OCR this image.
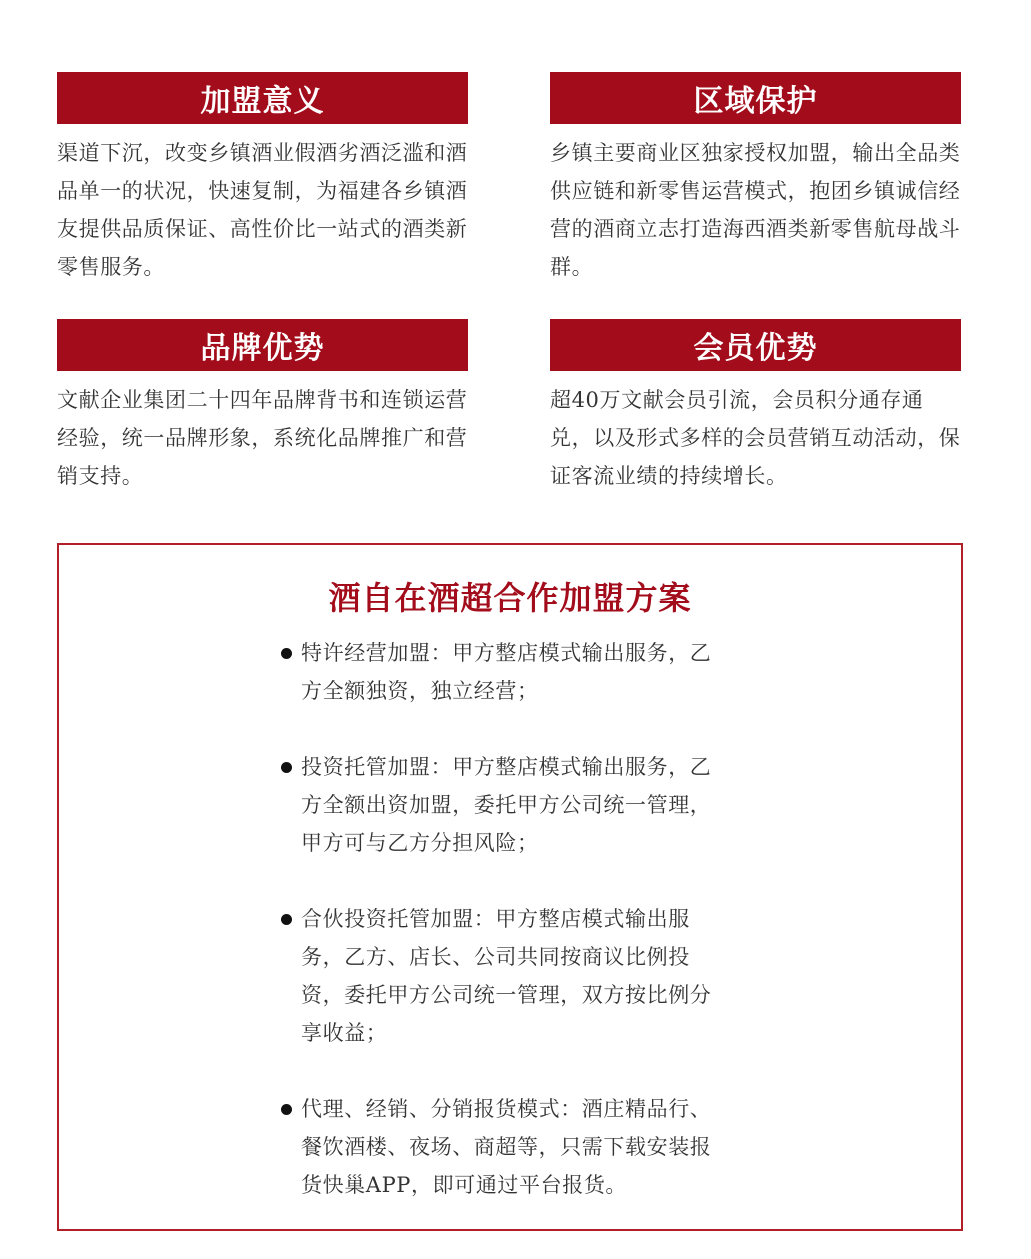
加盟意义
渠道下沉，改变乡镇酒业假酒劣酒泛滥和酒品单一的状况，快速复制，为福建各乡镇酒友提供品质保证、高性价比一站式的酒类新零售服务。
区域保护
乡镇主要商业区独家授权加盟，输出全品类供应链和新零售运营模式，抱团乡镇诚信经营的酒商立志打造海西酒类新零售航母战斗群。
品牌优势
文献企业集团二十四年品牌背书和连锁运营经验，统一品牌形象，系统化品牌推广和营销支持。
会员优势
超40万文献会员引流，会员积分通存通兑，以及形式多样的会员营销互动活动，保证客流业绩的持续增长。
酒自在酒超合作加盟方案
特许经营加盟：甲方整店模式输出服务，乙方全额独资，独立经营；
投资托管加盟：甲方整店模式输出服务，乙方全额出资加盟，委托甲方公司统一管理，甲方可与乙方分担风险；
合伙投资托管加盟：甲方整店模式输出服务，乙方、店长、公司共同按商议比例投资，委托甲方公司统一管理，双方按比例分享收益；
代理、经销、分销报货模式：酒庄精品行、餐饮酒楼、夜场、商超等，只需下载安装报货快巢APP，即可通过平台报货。
